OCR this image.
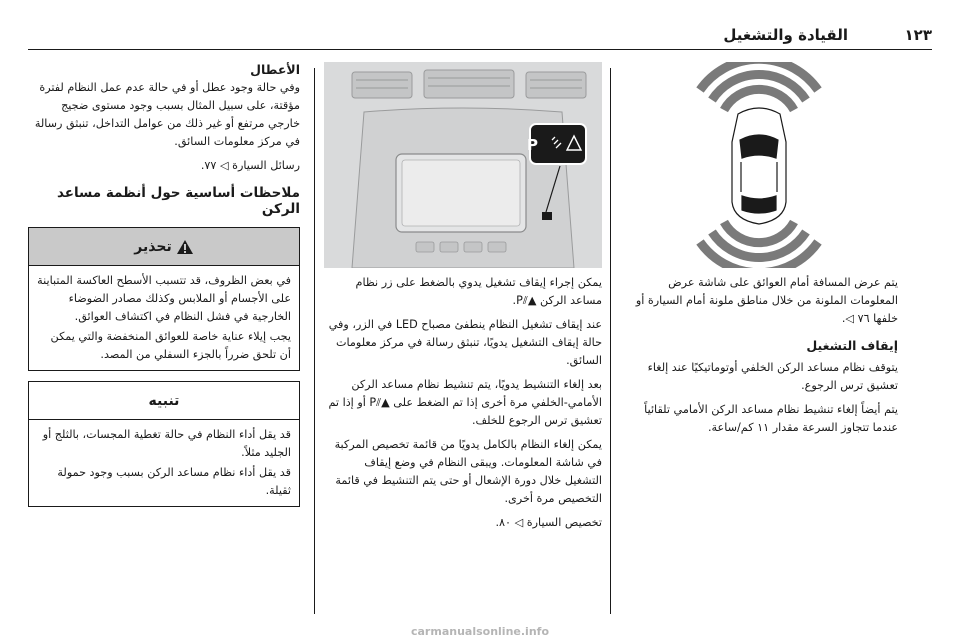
١٢٣
القيادة والتشغيل

يتم عرض المسافة أمام العوائق على شاشة عرض المعلومات الملونة من خلال مناطق ملونة أمام السيارة أو خلفها ٧٦ ◁.

إيقاف التشغيل

يتوقف نظام مساعد الركن الخلفي أوتوماتيكيًا عند إلغاء تعشيق ترس الرجوع.

يتم أيضاً إلغاء تنشيط نظام مساعد الركن الأمامي تلقائياً عندما تتجاوز السرعة مقدار ١١ كم/ساعة.

P

يمكن إجراء إيقاف تشغيل يدوي بالضغط على زر نظام مساعد الركن ▲⫽P.

عند إيقاف تشغيل النظام ينطفئ مصباح LED في الزر، وفي حالة إيقاف التشغيل يدويًا، تنبثق رسالة في مركز معلومات السائق.

بعد إلغاء التنشيط يدويًا، يتم تنشيط نظام مساعد الركن الأمامي-الخلفي مرة أخرى إذا تم الضغط على ▲⫽P أو إذا تم تعشيق ترس الرجوع للخلف.

يمكن إلغاء النظام بالكامل يدويًا من قائمة تخصيص المركبة في شاشة المعلومات. ويبقى النظام في وضع إيقاف التشغيل خلال دورة الإشعال أو حتى يتم التنشيط في قائمة التخصيص مرة أخرى.

تخصيص السيارة ◁ ٨٠.

الأعطال

وفي حالة وجود عطل أو في حالة عدم عمل النظام لفترة مؤقتة، على سبيل المثال بسبب وجود مستوى ضجيج خارجي مرتفع أو غير ذلك من عوامل التداخل، تنبثق رسالة في مركز معلومات السائق.

رسائل السيارة ◁ ٧٧.

ملاحظات أساسية حول أنظمة مساعد الركن
تحذير

في بعض الظروف، قد تتسبب الأسطح العاكسة المتباينة على الأجسام أو الملابس وكذلك مصادر الضوضاء الخارجية في فشل النظام في اكتشاف العوائق.

يجب إيلاء عناية خاصة للعوائق المنخفضة والتي يمكن أن تلحق ضرراً بالجزء السفلي من المصد.

تنبيه

قد يقل أداء النظام في حالة تغطية المجسات، بالثلج أو الجليد مثلاً.

قد يقل أداء نظام مساعد الركن بسبب وجود حمولة ثقيلة.

carmanualsonline.info
